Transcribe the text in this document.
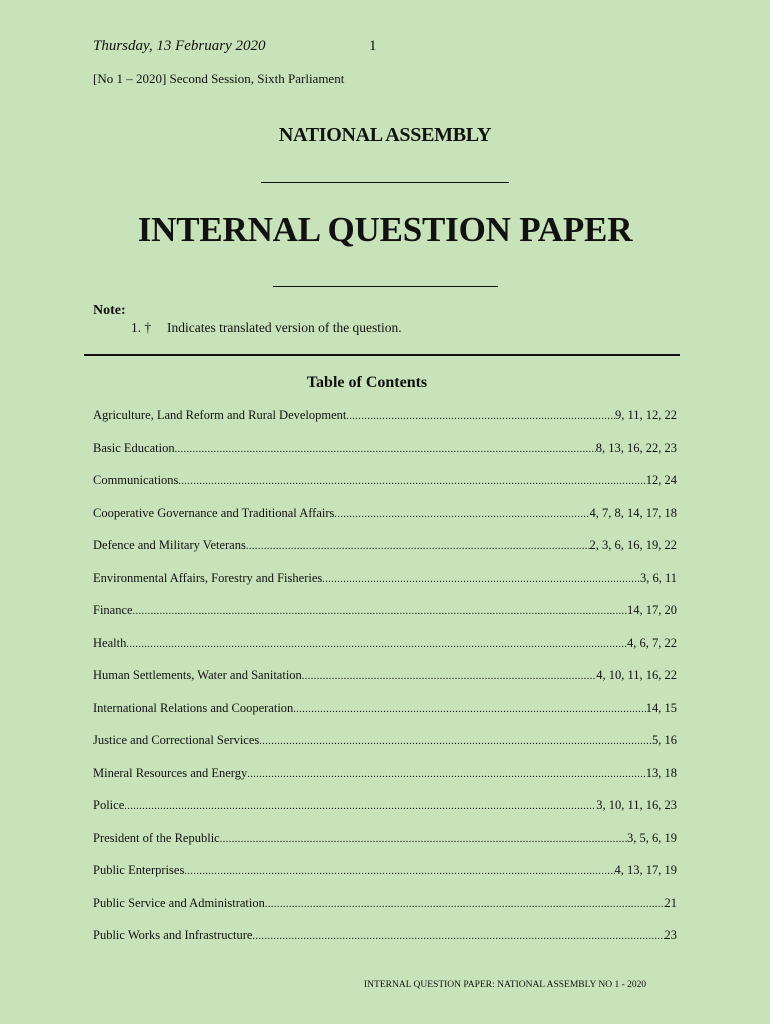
Thursday, 13 February 2020	1
[No 1 – 2020] Second Session, Sixth Parliament
NATIONAL ASSEMBLY
INTERNAL QUESTION PAPER
Note:
1. † Indicates translated version of the question.
Table of Contents
Agriculture, Land Reform and Rural Development .....	9, 11, 12, 22
Basic Education .....	8, 13, 16, 22, 23
Communications .....	12, 24
Cooperative Governance and Traditional Affairs .....	4, 7, 8, 14, 17, 18
Defence and Military Veterans .....	2, 3, 6, 16, 19, 22
Environmental Affairs, Forestry and Fisheries .....	3, 6, 11
Finance .....	14, 17, 20
Health .....	4, 6, 7, 22
Human Settlements, Water and Sanitation .....	4, 10, 11, 16, 22
International Relations and Cooperation .....	14, 15
Justice and Correctional Services .....	5, 16
Mineral Resources and Energy .....	13, 18
Police .....	3, 10, 11, 16, 23
President of the Republic .....	3, 5, 6, 19
Public Enterprises .....	4, 13, 17, 19
Public Service and Administration .....	21
Public Works and Infrastructure .....	23
INTERNAL QUESTION PAPER: NATIONAL ASSEMBLY NO 1 - 2020
